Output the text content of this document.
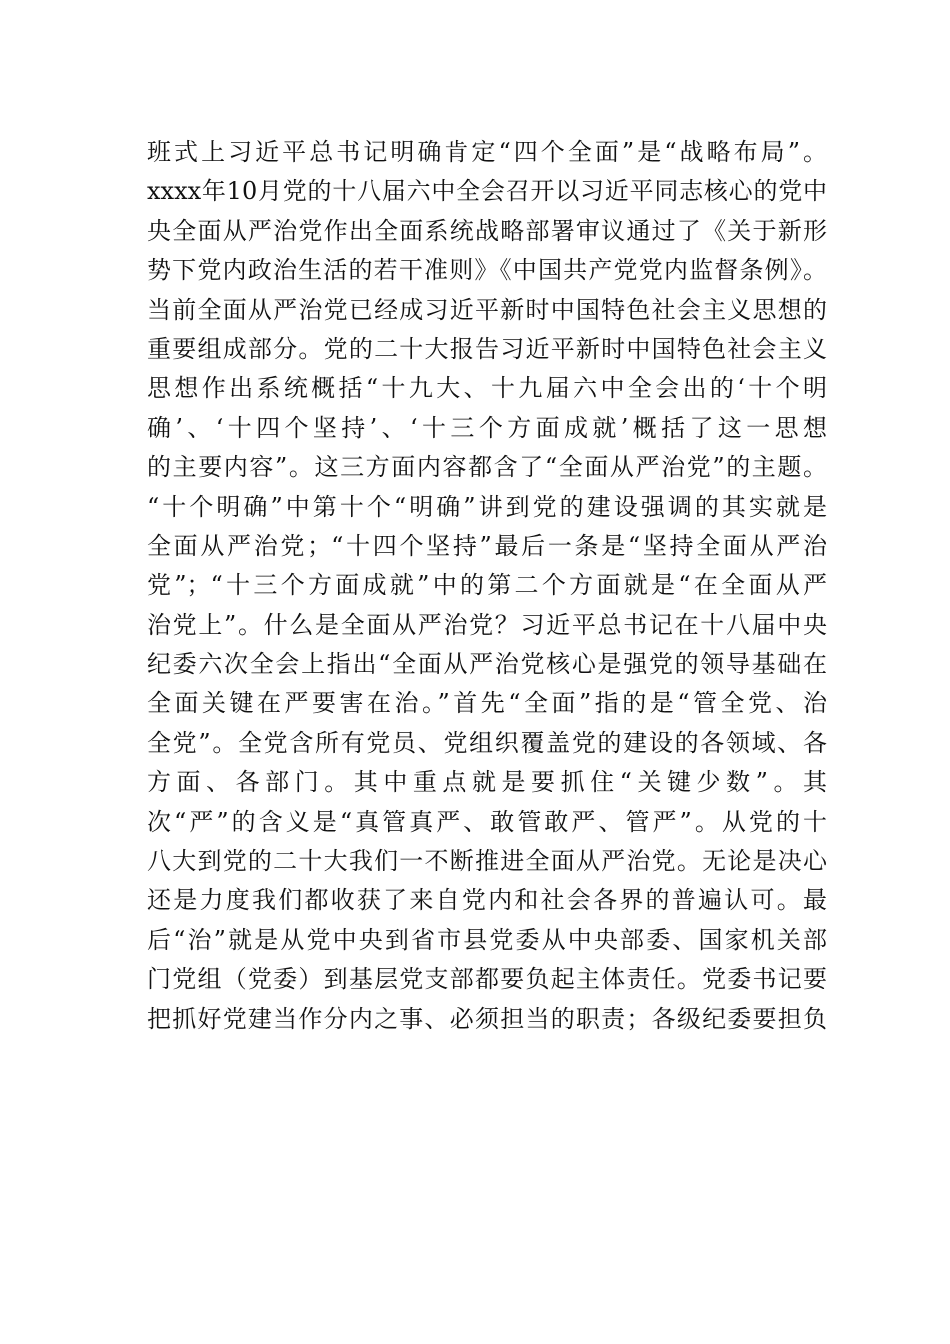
班式上习近平总书记明确肯定“四个全面”是“战略布局”。
xxxx年10月党的十八届六中全会召开以习近平同志核心的党中
央全面从严治党作出全面系统战略部署审议通过了《关于新形
势下党内政治生活的若干准则》《中国共产党党内监督条例》。
当前全面从严治党已经成习近平新时中国特色社会主义思想的
重要组成部分。党的二十大报告习近平新时中国特色社会主义
思想作出系统概括“十九大、十九届六中全会出的‘十个明
确’、‘十四个坚持’、‘十三个方面成就’概括了这一思想
的主要内容”。这三方面内容都含了“全面从严治党”的主题。
“十个明确”中第十个“明确”讲到党的建设强调的其实就是
全面从严治党；“十四个坚持”最后一条是“坚持全面从严治
党”；“十三个方面成就”中的第二个方面就是“在全面从严
治党上”。什么是全面从严治党？习近平总书记在十八届中央
纪委六次全会上指出“全面从严治党核心是强党的领导基础在
全面关键在严要害在治。”首先“全面”指的是“管全党、治
全党”。全党含所有党员、党组织覆盖党的建设的各领域、各
方面、各部门。其中重点就是要抓住“关键少数”。其
次“严”的含义是“真管真严、敢管敢严、管严”。从党的十
八大到党的二十大我们一不断推进全面从严治党。无论是决心
还是力度我们都收获了来自党内和社会各界的普遍认可。最
后“治”就是从党中央到省市县党委从中央部委、国家机关部
门党组（党委）到基层党支部都要负起主体责任。党委书记要
把抓好党建当作分内之事、必须担当的职责；各级纪委要担负
